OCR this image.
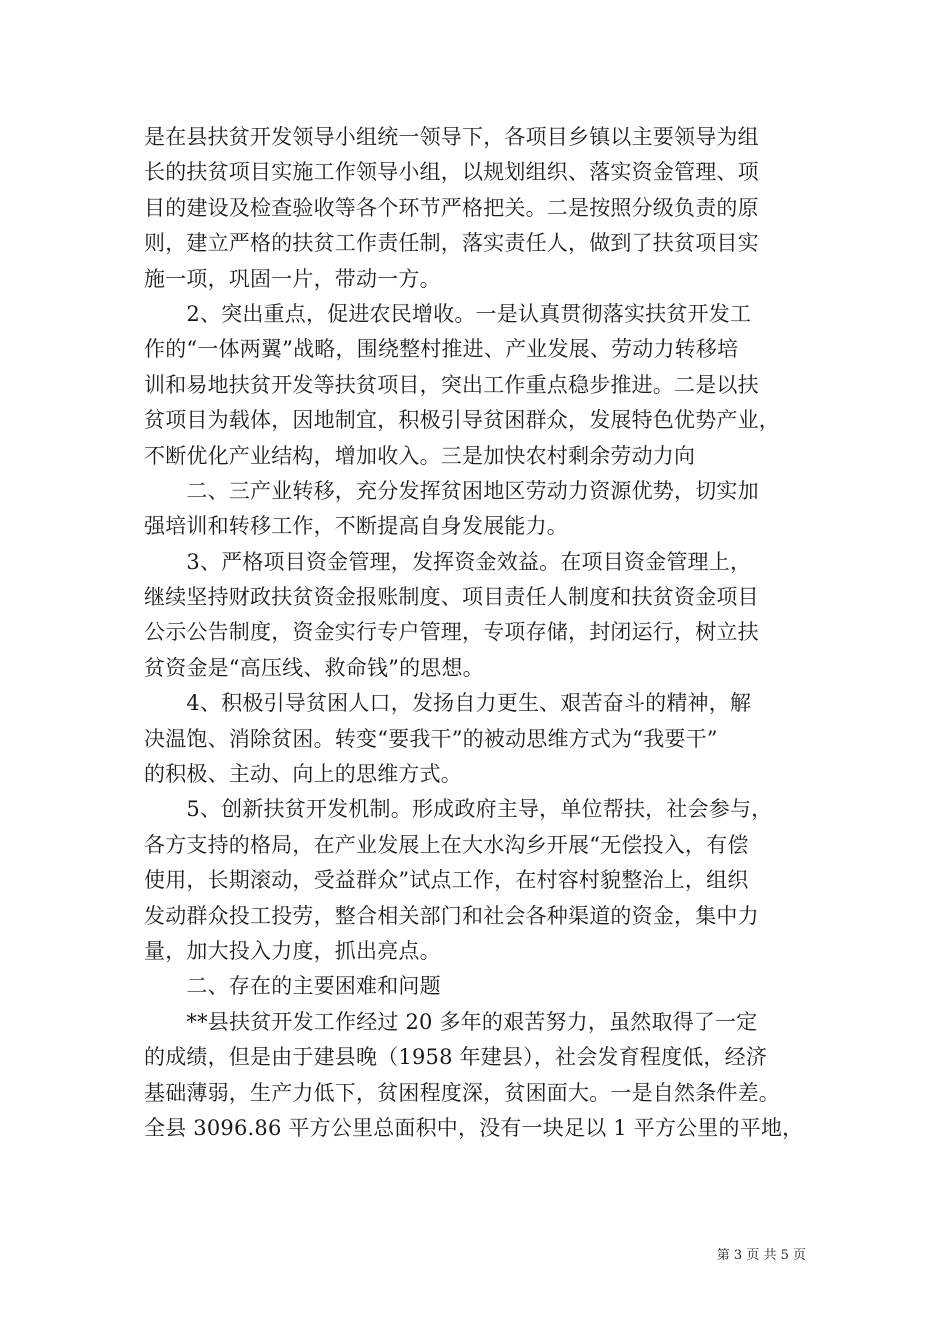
是在县扶贫开发领导小组统一领导下，各项目乡镇以主要领导为组
长的扶贫项目实施工作领导小组，以规划组织、落实资金管理、项
目的建设及检查验收等各个环节严格把关。二是按照分级负责的原
则，建立严格的扶贫工作责任制，落实责任人，做到了扶贫项目实
施一项，巩固一片，带动一方。
　　2、突出重点，促进农民增收。一是认真贯彻落实扶贫开发工
作的“一体两翼”战略，围绕整村推进、产业发展、劳动力转移培
训和易地扶贫开发等扶贫项目，突出工作重点稳步推进。二是以扶
贫项目为载体，因地制宜，积极引导贫困群众，发展特色优势产业，
不断优化产业结构，增加收入。三是加快农村剩余劳动力向
　　二、三产业转移，充分发挥贫困地区劳动力资源优势，切实加
强培训和转移工作，不断提高自身发展能力。
　　3、严格项目资金管理，发挥资金效益。在项目资金管理上，
继续坚持财政扶贫资金报账制度、项目责任人制度和扶贫资金项目
公示公告制度，资金实行专户管理，专项存储，封闭运行，树立扶
贫资金是“高压线、救命钱”的思想。
　　4、积极引导贫困人口，发扬自力更生、艰苦奋斗的精神，解
决温饱、消除贫困。转变“要我干”的被动思维方式为“我要干”
的积极、主动、向上的思维方式。
　　5、创新扶贫开发机制。形成政府主导，单位帮扶，社会参与，
各方支持的格局，在产业发展上在大水沟乡开展“无偿投入，有偿
使用，长期滚动，受益群众”试点工作，在村容村貌整治上，组织
发动群众投工投劳，整合相关部门和社会各种渠道的资金，集中力
量，加大投入力度，抓出亮点。
　　二、存在的主要困难和问题
　　**县扶贫开发工作经过 20 多年的艰苦努力，虽然取得了一定
的成绩，但是由于建县晚（1958 年建县），社会发育程度低，经济
基础薄弱，生产力低下，贫困程度深，贫困面大。一是自然条件差。
全县 3096.86 平方公里总面积中，没有一块足以 1 平方公里的平地，
第 3 页 共 5 页
